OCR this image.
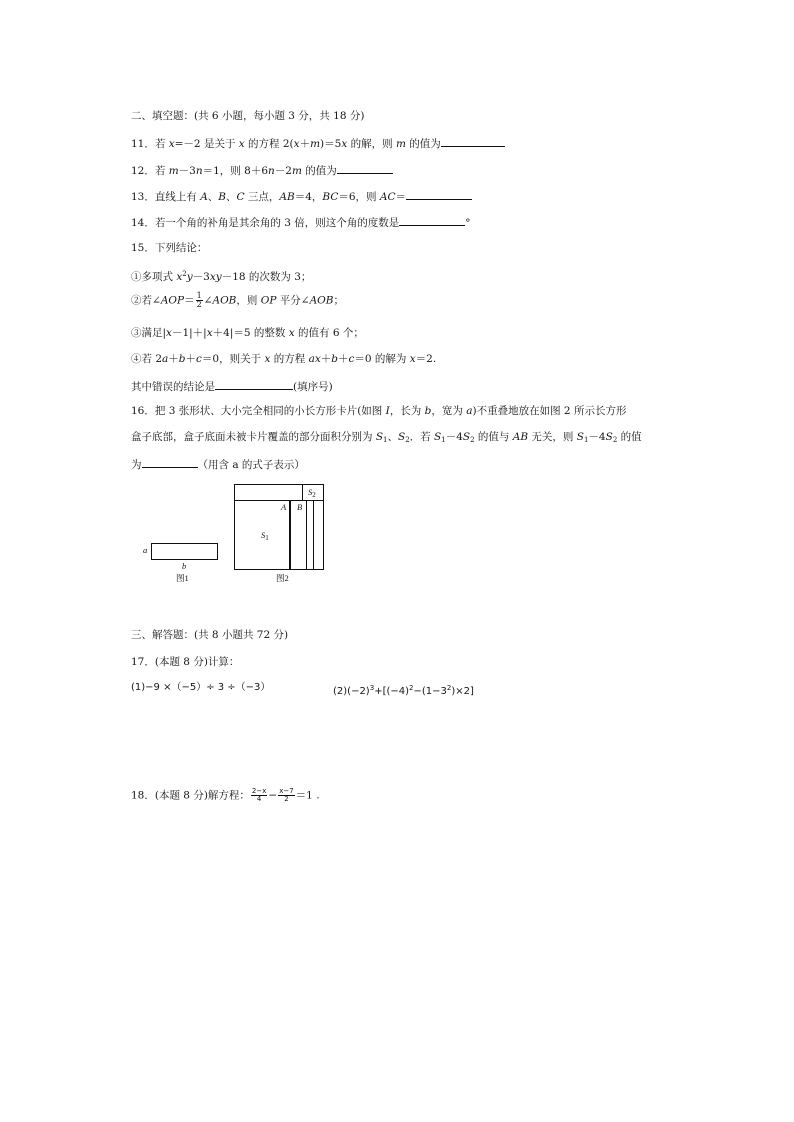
二、填空题：(共 6 小题，每小题 3 分，共 18 分)
11．若 x=－2 是关于 x 的方程 2(x＋m)＝5x 的解，则 m 的值为
12．若 m－3n＝1，则 8＋6n－2m 的值为
13．直线上有 A、B、C 三点，AB＝4，BC＝6，则 AC＝
14．若一个角的补角是其余角的 3 倍，则这个角的度数是	°
15．下列结论：
①多项式 $x^2y-3xy-18$ 的次数为 3；
②若∠AOP＝ $\frac{1}{2}$ ∠AOB，则 OP 平分∠AOB；
③满足|x－1|＋|x＋4|＝5 的整数 x 的值有 6 个；
④若 2a＋b＋c＝0，则关于 x 的方程 ax＋b＋c＝0 的解为 x＝2.
其中错误的结论是	(填序号)
16．把 3 张形状、大小完全相同的小长方形卡片(如图 I，长为 b，宽为 a)不重叠地放在如图 2 所示长方形
盒子底部，盒子底面未被卡片覆盖的部分面积分别为 $S_1$、$S_2$．若 $S_1-4S_2$ 的值与 AB 无关，则 $S_1-4S_2$ 的值
为	（用含 a 的式子表示）
a
b
图1
A B
$S_1$
$S_2$
图2
三、解答题：(共 8 小题共 72 分)
17．(本题 8 分)计算：
(1)−9 ×（−5）÷ 3 ÷（−3）	$(2)(-2)^3+[(-4)^2-(1-3^2)\times 2]$
18．(本题 8 分)解方程： $\frac{2-x}{4} - \frac{x-7}{2} =1$ .
